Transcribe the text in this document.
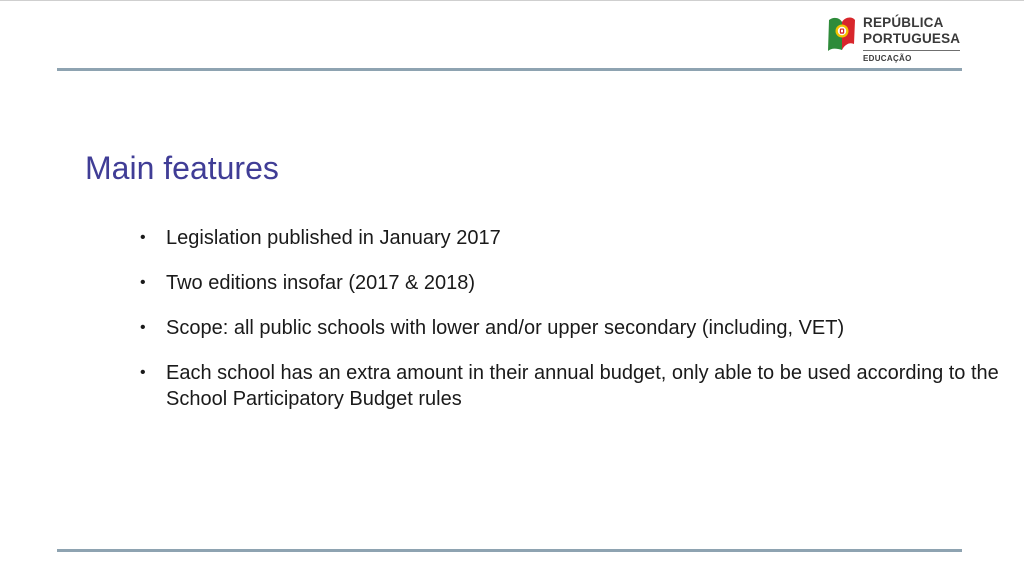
REPÚBLICA
PORTUGUESA
EDUCAÇÃO
Main features
• Legislation published in January 2017
• Two editions insofar (2017 & 2018)
• Scope: all public schools with lower and/or upper secondary (including, VET)
• Each school has an extra amount in their annual budget, only able to be used according to the School Participatory Budget rules
